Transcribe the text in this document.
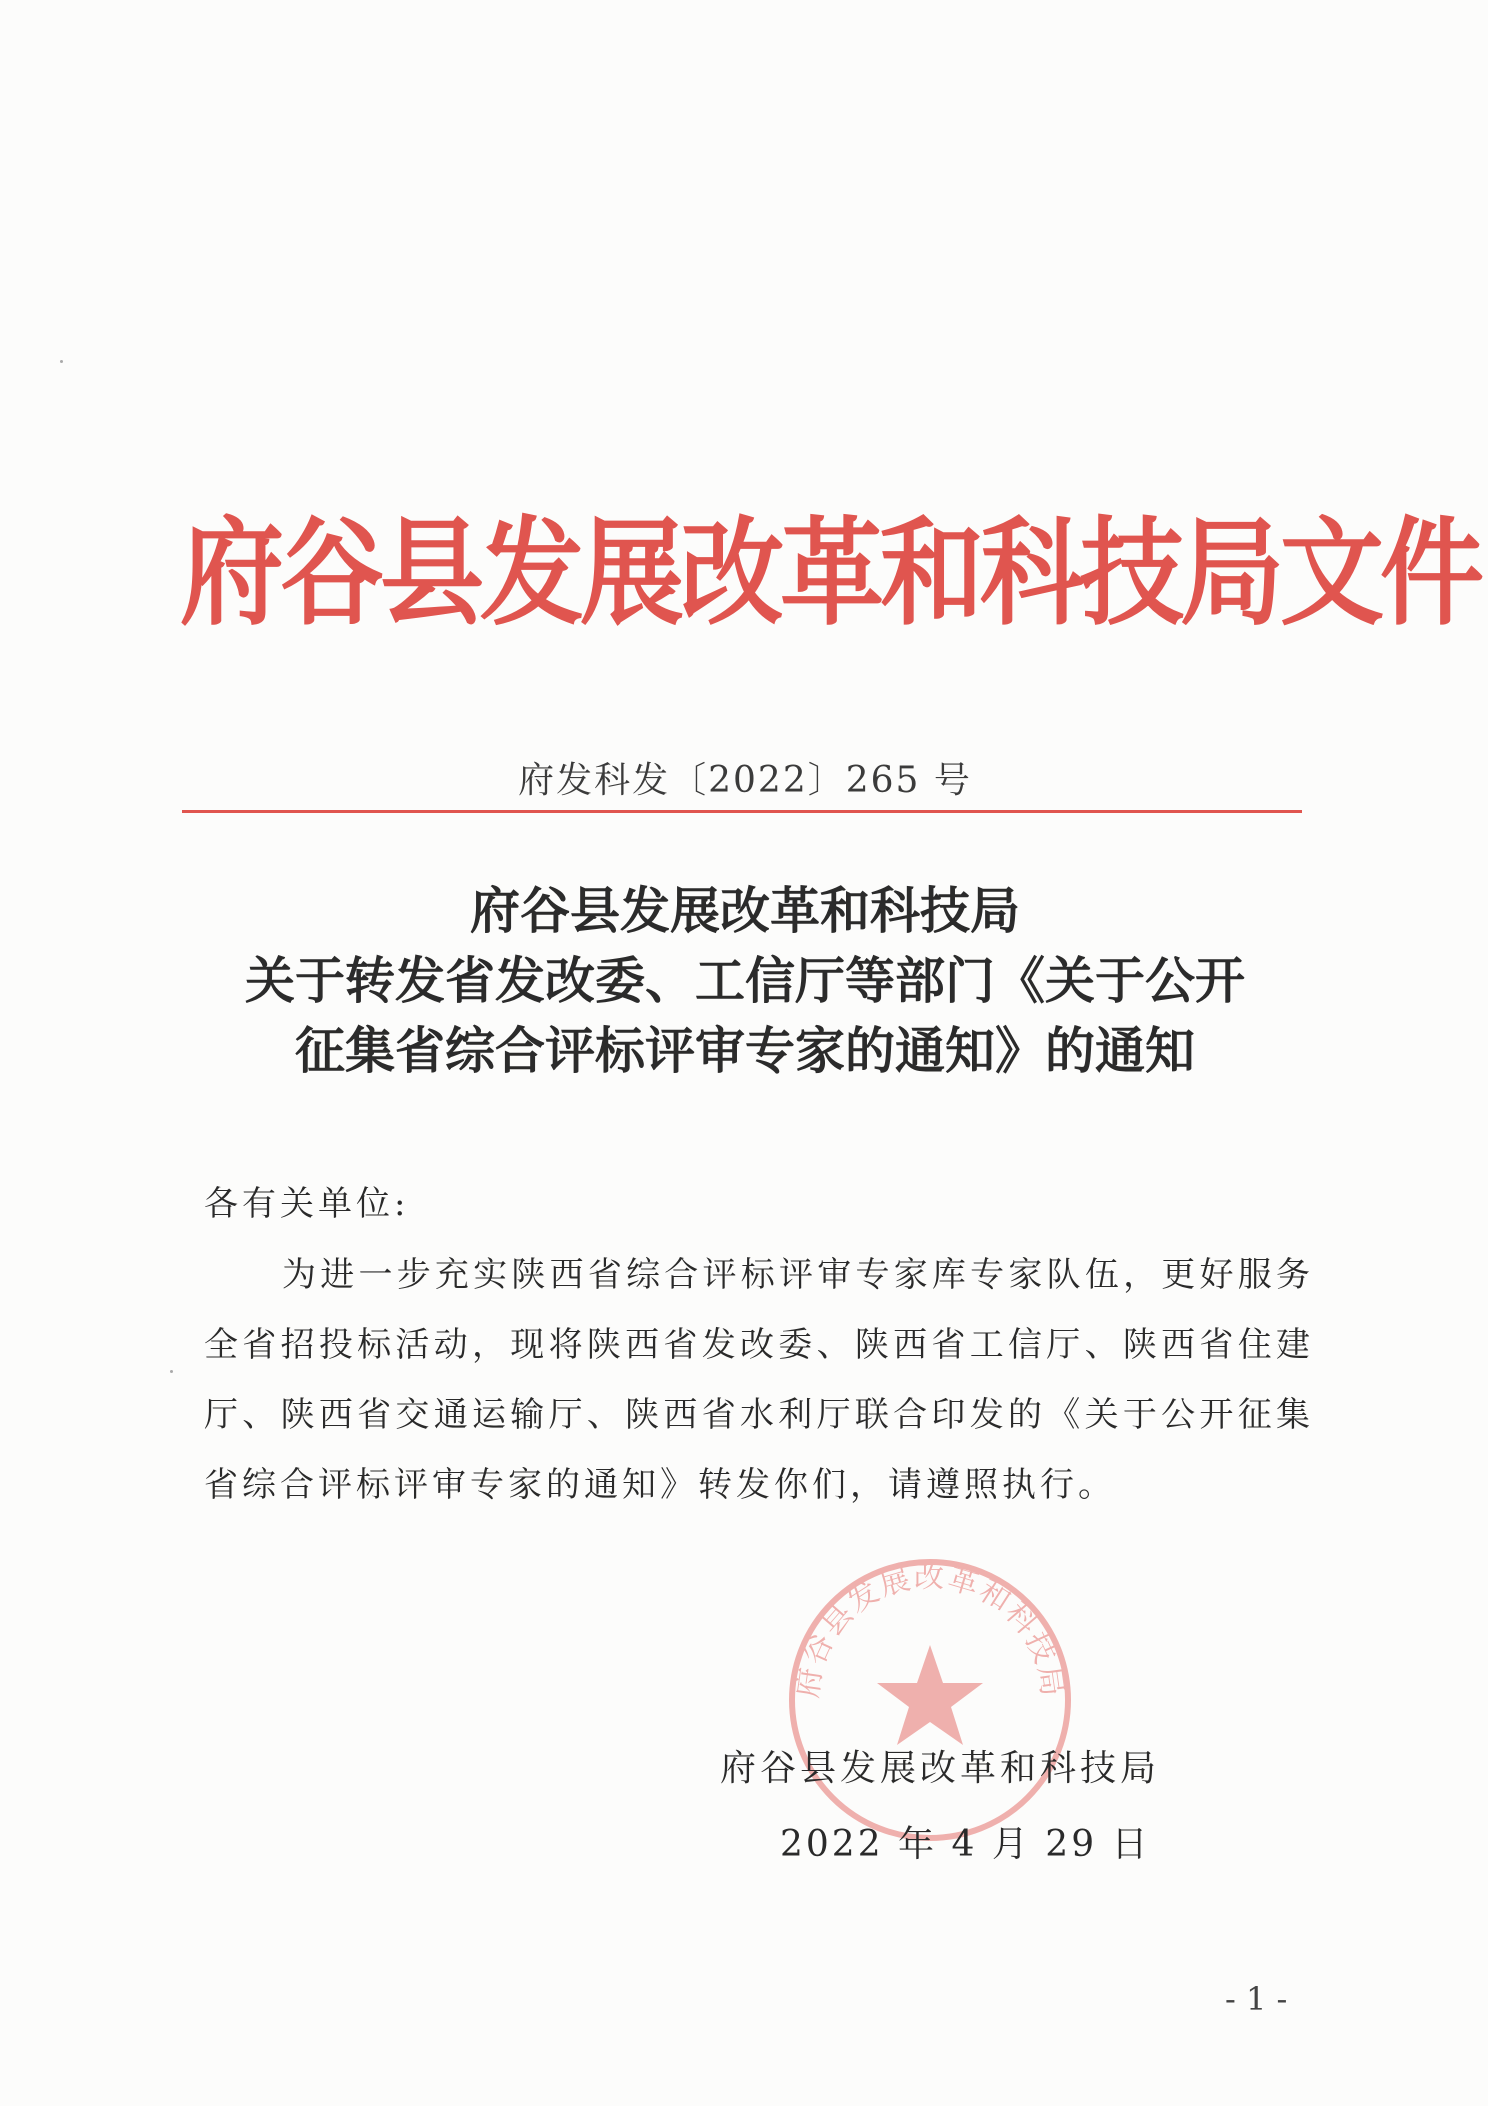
府谷县发展改革和科技局文件
府发科发〔2022〕265 号
府谷县发展改革和科技局
关于转发省发改委、工信厅等部门《关于公开
征集省综合评标评审专家的通知》的通知
各有关单位:
为进一步充实陕西省综合评标评审专家库专家队伍，更好服务全省招投标活动，现将陕西省发改委、陕西省工信厅、陕西省住建厅、陕西省交通运输厅、陕西省水利厅联合印发的《关于公开征集省综合评标评审专家的通知》转发你们，请遵照执行。
府谷县发展改革和科技局
府谷县发展改革和科技局
2022 年 4 月 29 日
- 1 -
